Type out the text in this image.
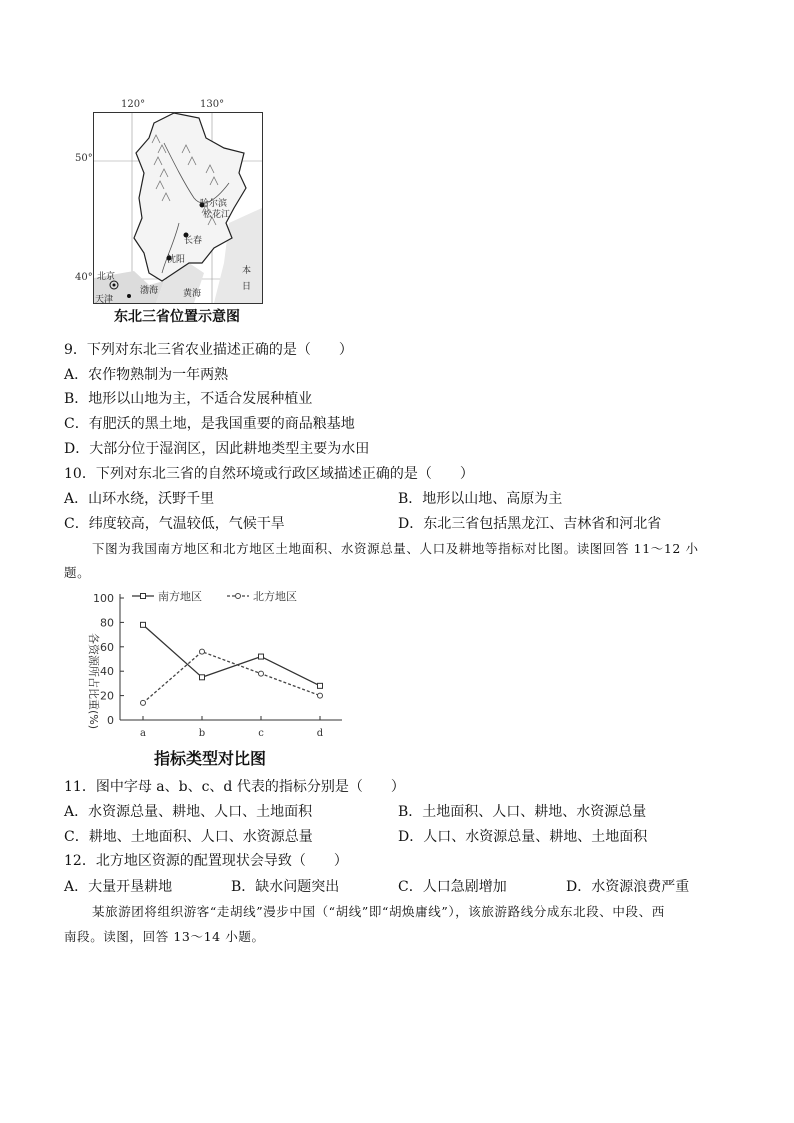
120°	130°
50°
40°
哈尔滨
松花江
长春
沈阳
北京
天津
渤海	黄海
本
日
东北三省位置示意图
9．下列对东北三省农业描述正确的是（　　）
A．农作物熟制为一年两熟
B．地形以山地为主，不适合发展种植业
C．有肥沃的黑土地，是我国重要的商品粮基地
D．大部分位于湿润区，因此耕地类型主要为水田
10．下列对东北三省的自然环境或行政区域描述正确的是（　　）
A．山环水绕，沃野千里	B．地形以山地、高原为主
C．纬度较高，气温较低，气候干旱	D．东北三省包括黑龙江、吉林省和河北省
下图为我国南方地区和北方地区土地面积、水资源总量、人口及耕地等指标对比图。读图回答 11～12 小
题。
各资源所占比重(%) 0
20
40
60
80
100
a	b	c	d
南方地区	北方地区
指标类型对比图
11．图中字母 a、b、c、d 代表的指标分别是（　　）
A．水资源总量、耕地、人口、土地面积	B．土地面积、人口、耕地、水资源总量
C．耕地、土地面积、人口、水资源总量	D．人口、水资源总量、耕地、土地面积
12．北方地区资源的配置现状会导致（　　）
A．大量开垦耕地	B．缺水问题突出	C．人口急剧增加	D．水资源浪费严重
某旅游团将组织游客“走胡线”漫步中国（“胡线”即“胡焕庸线”），该旅游路线分成东北段、中段、西
南段。读图，回答 13～14 小题。
